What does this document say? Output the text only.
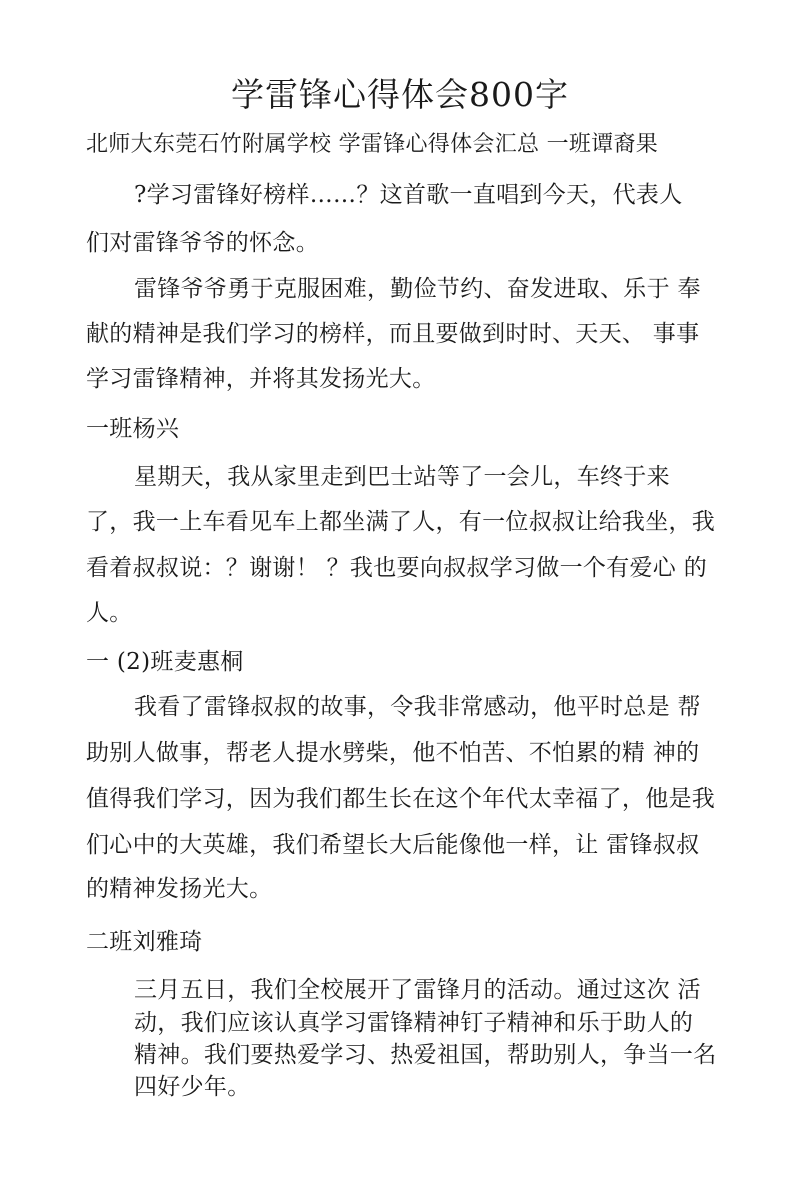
学雷锋心得体会800字
北师大东莞石竹附属学校 学雷锋心得体会汇总 一班谭裔果
?学习雷锋好榜样……？这首歌一直唱到今天，代表人
们对雷锋爷爷的怀念。
雷锋爷爷勇于克服困难，勤俭节约、奋发进取、乐于 奉
献的精神是我们学习的榜样，而且要做到时时、天天、 事事
学习雷锋精神，并将其发扬光大。
一班杨兴
星期天，我从家里走到巴士站等了一会儿，车终于来
了，我一上车看见车上都坐满了人，有一位叔叔让给我坐，我
看着叔叔说：？谢谢！ ？我也要向叔叔学习做一个有爱心 的
人。
一 (2)班麦惠桐
我看了雷锋叔叔的故事，令我非常感动，他平时总是 帮
助别人做事，帮老人提水劈柴，他不怕苦、不怕累的精 神的
值得我们学习，因为我们都生长在这个年代太幸福了，他是我
们心中的大英雄，我们希望长大后能像他一样，让 雷锋叔叔
的精神发扬光大。
二班刘雅琦
三月五日，我们全校展开了雷锋月的活动。通过这次 活
动，我们应该认真学习雷锋精神钉子精神和乐于助人的
精神。我们要热爱学习、热爱祖国，帮助别人，争当一名
四好少年。
